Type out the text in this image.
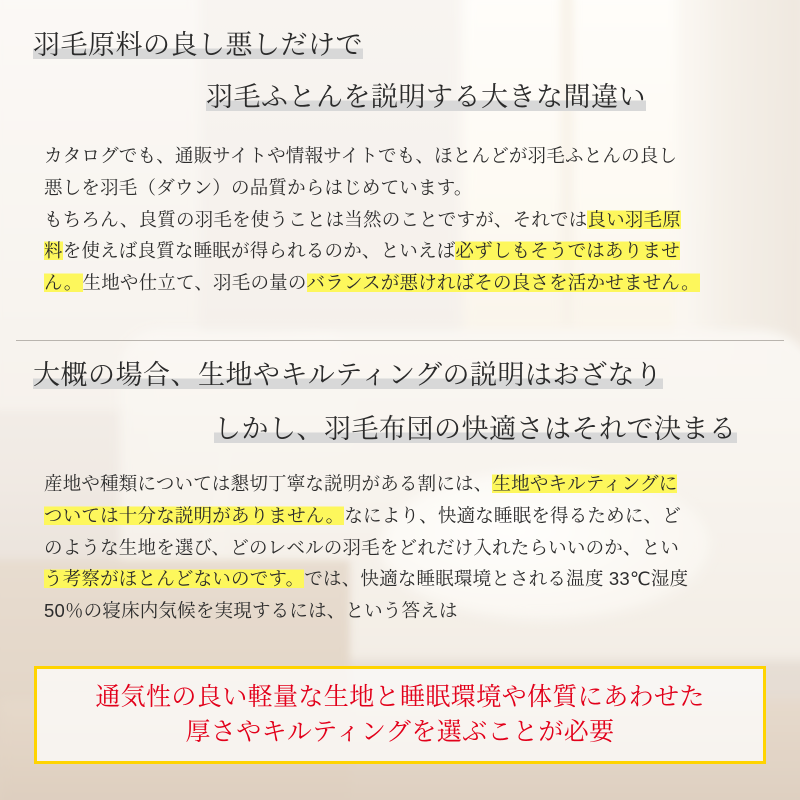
羽毛原料の良し悪しだけで
羽毛ふとんを説明する大きな間違い
カタログでも、通販サイトや情報サイトでも、ほとんどが羽毛ふとんの良し
悪しを羽毛（ダウン）の品質からはじめています。
もちろん、良質の羽毛を使うことは当然のことですが、それでは良い羽毛原
料を使えば良質な睡眠が得られるのか、といえば必ずしもそうではありませ
ん。生地や仕立て、羽毛の量のバランスが悪ければその良さを活かせません。
大概の場合、生地やキルティングの説明はおざなり
しかし、羽毛布団の快適さはそれで決まる
産地や種類については懇切丁寧な説明がある割には、生地やキルティングに
ついては十分な説明がありません。なにより、快適な睡眠を得るために、ど
のような生地を選び、どのレベルの羽毛をどれだけ入れたらいいのか、とい
う考察がほとんどないのです。では、快適な睡眠環境とされる温度 33℃湿度
50％の寝床内気候を実現するには、という答えは
通気性の良い軽量な生地と睡眠環境や体質にあわせた
厚さやキルティングを選ぶことが必要
